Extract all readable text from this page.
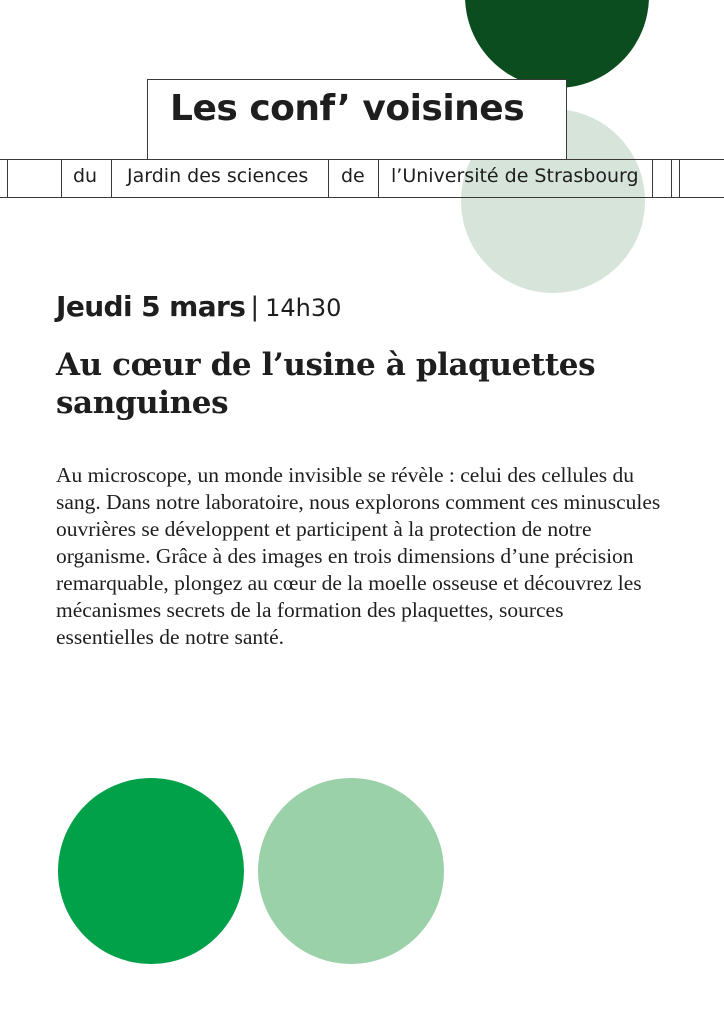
du Jardin des sciences de l’Université de Strasbourg
Les conf’ voisines
Jeudi 5 mars | 14h30
Au cœur de l’usine à plaquettes sanguines

Au microscope, un monde invisible se révèle : celui des cellules du sang. Dans notre laboratoire, nous explorons comment ces minuscules ouvrières se développent et participent à la protection de notre organisme. Grâce à des images en trois dimensions d’une précision remarquable, plongez au cœur de la moelle osseuse et découvrez les mécanismes secrets de la formation des plaquettes, sources essentielles de notre santé.
